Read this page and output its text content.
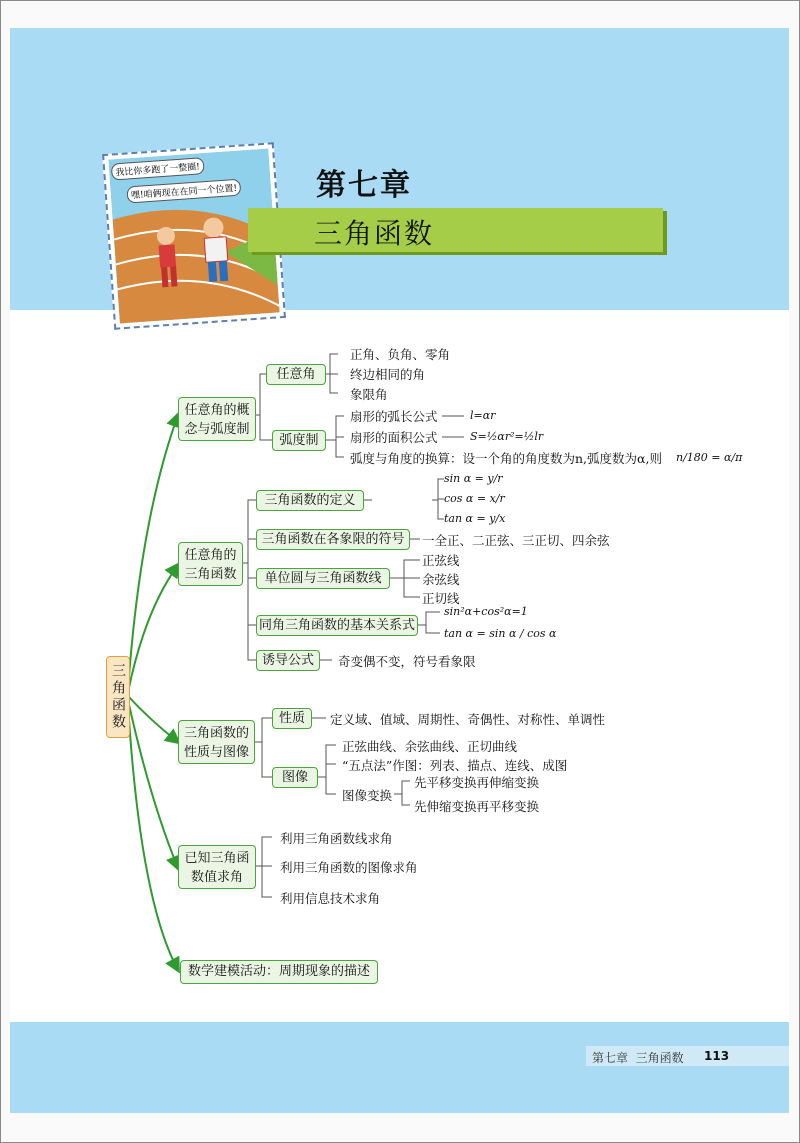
我比你多跑了一整圈!
嘿!咱俩现在在同一个位置!	第七章
三角函数
三角函数
任意角的概念与弧度制
任意角
正角、负角、零角
终边相同的角
象限角
弧度制
扇形的弧长公式	l=αr
扇形的面积公式	S=½αr²=½lr
弧度与角度的换算：设一个角的角度数为n,弧度数为α,则 n/180 = α/π
任意角的三角函数
三角函数的定义
sin α = y/r
cos α = x/r
tan α = y/x
三角函数在各象限的符号	一全正、二正弦、三正切、四余弦
单位圆与三角函数线
正弦线
余弦线
正切线
同角三角函数的基本关系式
sin²α+cos²α=1
tan α = sin α / cos α
诱导公式	奇变偶不变，符号看象限
三角函数的性质与图像
性质	定义域、值域、周期性、奇偶性、对称性、单调性
图像
正弦曲线、余弦曲线、正切曲线
“五点法”作图：列表、描点、连线、成图
图像变换
先平移变换再伸缩变换
先伸缩变换再平移变换
已知三角函数值求角
利用三角函数线求角
利用三角函数的图像求角
利用信息技术求角
数学建模活动：周期现象的描述
第七章 三角函数 113
